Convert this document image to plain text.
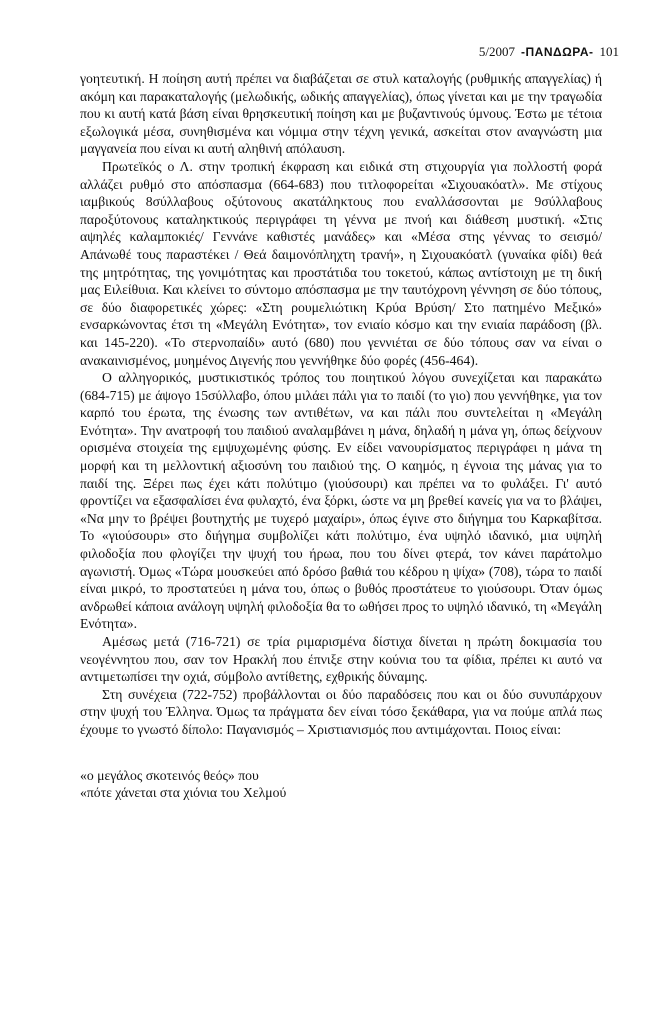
5/2007 -ΠΑΝΔΩΡΑ- 101

γοητευτική. Η ποίηση αυτή πρέπει να διαβάζεται σε στυλ καταλογής (ρυθμικής απαγγελίας) ή ακόμη και παρακαταλογής (μελωδικής, ωδικής απαγγελίας), όπως γίνεται και με την τραγωδία που κι αυτή κατά βάση είναι θρησκευτική ποίηση και με βυζαντινούς ύμνους. Έστω με τέτοια εξωλογικά μέσα, συνηθισμένα και νόμιμα στην τέχνη γενικά, ασκείται στον αναγνώστη μια μαγγανεία που είναι κι αυτή αληθινή απόλαυση.

Πρωτεϊκός ο Λ. στην τροπική έκφραση και ειδικά στη στιχουργία για πολλοστή φορά αλλάζει ρυθμό στο απόσπασμα (664-683) που τιτλοφορείται «Σιχουακόατλ». Με στίχους ιαμβικούς 8σύλλαβους οξύτονους ακατάληκτους που εναλλάσσονται με 9σύλλαβους παροξύτονους καταληκτικούς περιγράφει τη γέννα με πνοή και διάθεση μυστική. «Στις αψηλές καλαμποκιές/ Γεννάνε καθιστές μανάδες» και «Μέσα στης γέννας το σεισμό/ Απάνωθέ τους παραστέκει / Θεά δαιμονόπληχτη τρανή», η Σιχουακόατλ (γυναίκα φίδι) θεά της μητρότητας, της γονιμότητας και προστάτιδα του τοκετού, κάπως αντίστοιχη με τη δική μας Ειλείθυια. Και κλείνει το σύντομο απόσπασμα με την ταυτόχρονη γέννηση σε δύο τόπους, σε δύο διαφορετικές χώρες: «Στη ρουμελιώτικη Κρύα Βρύση/ Στο πατημένο Μεξικό» ενσαρκώνοντας έτσι τη «Μεγάλη Ενότητα», τον ενιαίο κόσμο και την ενιαία παράδοση (βλ. και 145-220). «Το στερνοπαίδι» αυτό (680) που γεννιέται σε δύο τόπους σαν να είναι ο ανακαινισμένος, μυημένος Διγενής που γεννήθηκε δύο φορές (456-464).

Ο αλληγορικός, μυστικιστικός τρόπος του ποιητικού λόγου συνεχίζεται και παρακάτω (684-715) με άψογο 15σύλλαβο, όπου μιλάει πάλι για το παιδί (το γιο) που γεννήθηκε, για τον καρπό του έρωτα, της ένωσης των αντιθέτων, να και πάλι που συντελείται η «Μεγάλη Ενότητα». Την ανατροφή του παιδιού αναλαμβάνει η μάνα, δηλαδή η μάνα γη, όπως δείχνουν ορισμένα στοιχεία της εμψυχωμένης φύσης. Εν είδει νανουρίσματος περιγράφει η μάνα τη μορφή και τη μελλοντική αξιοσύνη του παιδιού της. Ο καημός, η έγνοια της μάνας για το παιδί της. Ξέρει πως έχει κάτι πολύτιμο (γιούσουρι) και πρέπει να το φυλάξει. Γι' αυτό φροντίζει να εξασφαλίσει ένα φυλαχτό, ένα ξόρκι, ώστε να μη βρεθεί κανείς για να το βλάψει, «Να μην το βρέψει βουτηχτής με τυχερό μαχαίρι», όπως έγινε στο διήγημα του Καρκαβίτσα. Το «γιούσουρι» στο διήγημα συμβολίζει κάτι πολύτιμο, ένα υψηλό ιδανικό, μια υψηλή φιλοδοξία που φλογίζει την ψυχή του ήρωα, που του δίνει φτερά, τον κάνει παράτολμο αγωνιστή. Όμως «Τώρα μουσκεύει από δρόσο βαθιά του κέδρου η ψίχα» (708), τώρα το παιδί είναι μικρό, το προστατεύει η μάνα του, όπως ο βυθός προστάτευε το γιούσουρι. Όταν όμως ανδρωθεί κάποια ανάλογη υψηλή φιλοδοξία θα το ωθήσει προς το υψηλό ιδανικό, τη «Μεγάλη Ενότητα».

Αμέσως μετά (716-721) σε τρία ριμαρισμένα δίστιχα δίνεται η πρώτη δοκιμασία του νεογέννητου που, σαν τον Ηρακλή που έπνιξε στην κούνια του τα φίδια, πρέπει κι αυτό να αντιμετωπίσει την οχιά, σύμβολο αντίθετης, εχθρικής δύναμης.

Στη συνέχεια (722-752) προβάλλονται οι δύο παραδόσεις που και οι δύο συνυπάρχουν στην ψυχή του Έλληνα. Όμως τα πράγματα δεν είναι τόσο ξεκάθαρα, για να πούμε απλά πως έχουμε το γνωστό δίπολο: Παγανισμός – Χριστιανισμός που αντιμάχονται. Ποιος είναι:

«ο μεγάλος σκοτεινός θεός» που

«πότε χάνεται στα χιόνια του Χελμού
